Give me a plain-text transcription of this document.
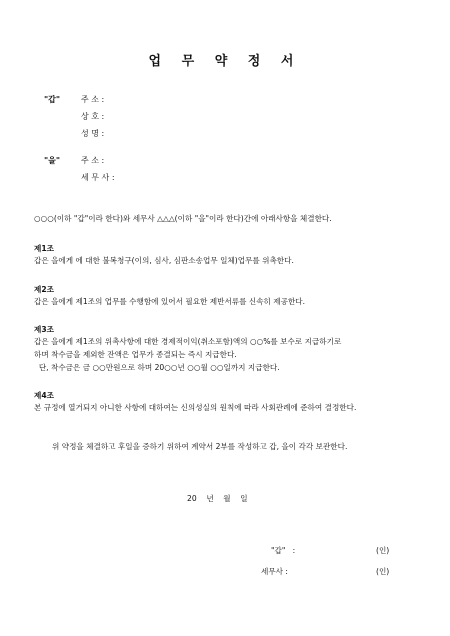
업 무 약 정 서
"갑"	주 소 :
상 호 :
성 명 :
"을"	주 소 :
세 무 사 :
○○○(이하 "갑"이라 한다)와 세무사 △△△(이하 "을"이라 한다)간에 아래사항을 체결한다.
제1조
갑은 을에게 에 대한 불복청구(이의, 심사, 심판소송업무 일체)업무를 위촉한다.
제2조
갑은 을에게 제1조의 업무를 수행함에 있어서 필요한 제반서류를 신속히 제공한다.
제3조
갑은 을에게 제1조의 위촉사항에 대한 경제적이익(취소포함)액의 ○○%를 보수로 지급하기로
하며 착수금을 제외한 잔액은 업무가 종결되는 즉시 지급한다.
단, 착수금은 금 ○○만원으로 하며 20○○년 ○○월 ○○일까지 지급한다.
제4조
본 규정에 열거되지 아니한 사항에 대하여는 신의성실의 원칙에 따라 사회관례에 준하여 결정한다.
위 약정을 체결하고 후일을 증하기 위하여 계약서 2부를 작성하고 갑, 을이 각각 보관한다.
20    년    월    일
"갑"   :	(인)
세무사 :	(인)
